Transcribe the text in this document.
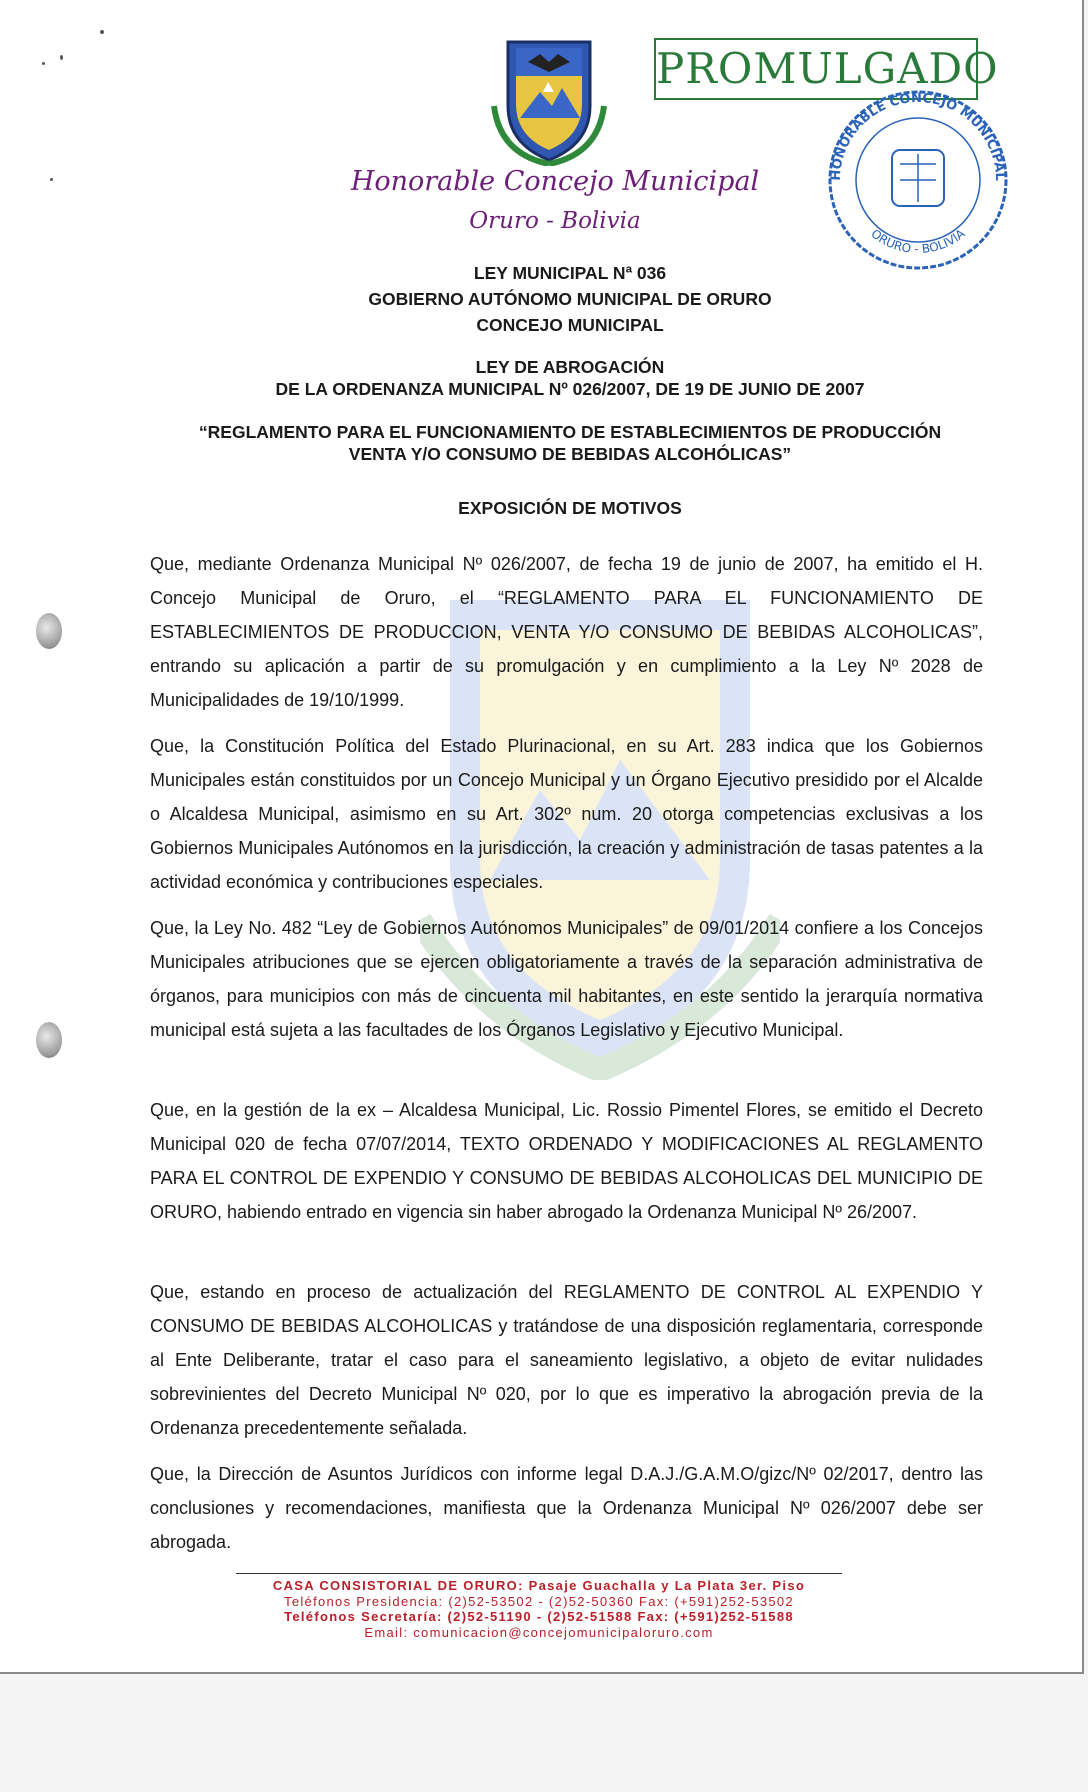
Honorable Concejo Municipal
Oruro - Bolivia
PROMULGADO
HONORABLE CONCEJO MUNICIPAL
ORURO - BOLIVIA
LEY MUNICIPAL Nª 036
GOBIERNO AUTÓNOMO MUNICIPAL DE ORURO
CONCEJO MUNICIPAL
LEY DE ABROGACIÓN
DE LA ORDENANZA MUNICIPAL Nº 026/2007, DE 19 DE JUNIO DE 2007
“REGLAMENTO PARA EL FUNCIONAMIENTO DE ESTABLECIMIENTOS DE PRODUCCIÓN
VENTA Y/O CONSUMO DE BEBIDAS ALCOHÓLICAS”
EXPOSICIÓN DE MOTIVOS
Que, mediante Ordenanza Municipal Nº 026/2007, de fecha 19 de junio de 2007, ha emitido el H. Concejo Municipal de Oruro, el “REGLAMENTO PARA EL FUNCIONAMIENTO DE ESTABLECIMIENTOS DE PRODUCCION, VENTA Y/O CONSUMO DE BEBIDAS ALCOHOLICAS”, entrando su aplicación a partir de su promulgación y en cumplimiento a la Ley Nº 2028 de Municipalidades de 19/10/1999.
Que, la Constitución Política del Estado Plurinacional, en su Art. 283 indica que los Gobiernos Municipales están constituidos por un Concejo Municipal y un Órgano Ejecutivo presidido por el Alcalde o Alcaldesa Municipal, asimismo en su Art. 302º num. 20 otorga competencias exclusivas a los Gobiernos Municipales Autónomos en la jurisdicción, la creación y administración de tasas patentes a la actividad económica y contribuciones especiales.
Que, la Ley No. 482 “Ley de Gobiernos Autónomos Municipales” de 09/01/2014 confiere a los Concejos Municipales atribuciones que se ejercen obligatoriamente a través de la separación administrativa de órganos, para municipios con más de cincuenta mil habitantes, en este sentido la jerarquía normativa municipal está sujeta a las facultades de los Órganos Legislativo y Ejecutivo Municipal.
Que, en la gestión de la ex – Alcaldesa Municipal, Lic. Rossio Pimentel Flores, se emitido el Decreto Municipal 020 de fecha 07/07/2014, TEXTO ORDENADO Y MODIFICACIONES AL REGLAMENTO PARA EL CONTROL DE EXPENDIO Y CONSUMO DE BEBIDAS ALCOHOLICAS DEL MUNICIPIO DE ORURO, habiendo entrado en vigencia sin haber abrogado la Ordenanza Municipal Nº 26/2007.
Que, estando en proceso de actualización del REGLAMENTO DE CONTROL AL EXPENDIO Y CONSUMO DE BEBIDAS ALCOHOLICAS y tratándose de una disposición reglamentaria, corresponde al Ente Deliberante, tratar el caso para el saneamiento legislativo, a objeto de evitar nulidades sobrevinientes del Decreto Municipal Nº 020, por lo que es imperativo la abrogación previa de la Ordenanza precedentemente señalada.
Que, la Dirección de Asuntos Jurídicos con informe legal D.A.J./G.A.M.O/gizc/Nº 02/2017, dentro las conclusiones y recomendaciones, manifiesta que la Ordenanza Municipal Nº 026/2007 debe ser abrogada.
CASA CONSISTORIAL DE ORURO: Pasaje Guachalla y La Plata 3er. Piso
Teléfonos Presidencia: (2)52-53502 - (2)52-50360 Fax: (+591)252-53502
Teléfonos Secretaría: (2)52-51190 - (2)52-51588 Fax: (+591)252-51588
Email: comunicacion@concejomunicipaloruro.com
